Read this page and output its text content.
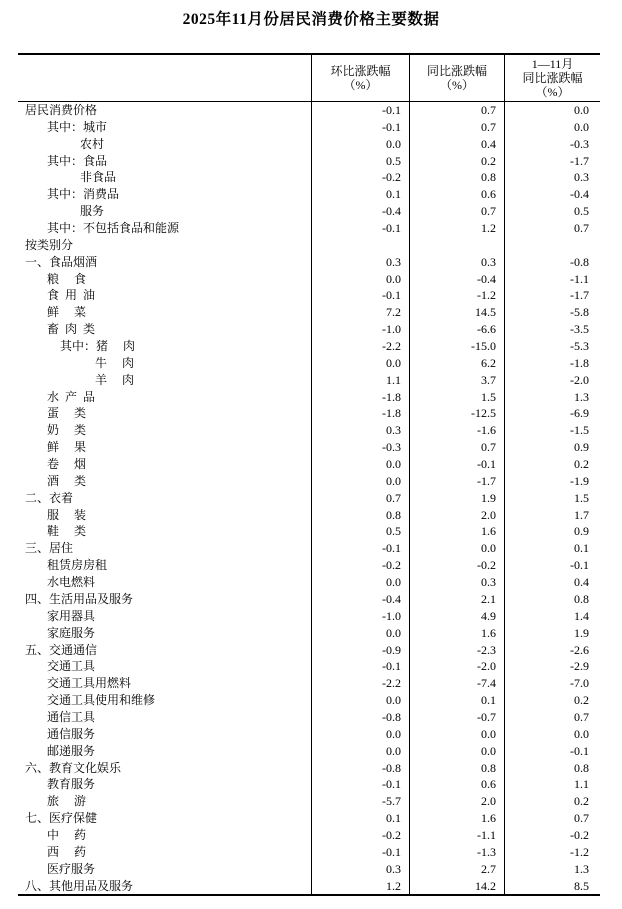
2025年11月份居民消费价格主要数据
环比涨跌幅
（%）
同比涨跌幅
（%）
1—11月
同比涨跌幅
（%）
居民消费价格	-0.1	0.7	0.0
其中：城市	-0.1	0.7	0.0
农村	0.0	0.4	-0.3
其中：食品	0.5	0.2	-1.7
非食品	-0.2	0.8	0.3
其中：消费品	0.1	0.6	-0.4
服务	-0.4	0.7	0.5
其中：不包括食品和能源	-0.1	1.2	0.7
按类别分
一、食品烟酒	0.3	0.3	-0.8
粮　 食	0.0	-0.4	-1.1
食  用  油	-0.1	-1.2	-1.7
鲜　 菜	7.2	14.5	-5.8
畜  肉  类	-1.0	-6.6	-3.5
其中：猪　 肉	-2.2	-15.0	-5.3
牛　 肉	0.0	6.2	-1.8
羊　 肉	1.1	3.7	-2.0
水  产  品	-1.8	1.5	1.3
蛋　 类	-1.8	-12.5	-6.9
奶　 类	0.3	-1.6	-1.5
鲜　 果	-0.3	0.7	0.9
卷　 烟	0.0	-0.1	0.2
酒　 类	0.0	-1.7	-1.9
二、衣着	0.7	1.9	1.5
服　 装	0.8	2.0	1.7
鞋　 类	0.5	1.6	0.9
三、居住	-0.1	0.0	0.1
租赁房房租	-0.2	-0.2	-0.1
水电燃料	0.0	0.3	0.4
四、生活用品及服务	-0.4	2.1	0.8
家用器具	-1.0	4.9	1.4
家庭服务	0.0	1.6	1.9
五、交通通信	-0.9	-2.3	-2.6
交通工具	-0.1	-2.0	-2.9
交通工具用燃料	-2.2	-7.4	-7.0
交通工具使用和维修	0.0	0.1	0.2
通信工具	-0.8	-0.7	0.7
通信服务	0.0	0.0	0.0
邮递服务	0.0	0.0	-0.1
六、教育文化娱乐	-0.8	0.8	0.8
教育服务	-0.1	0.6	1.1
旅　 游	-5.7	2.0	0.2
七、医疗保健	0.1	1.6	0.7
中　 药	-0.2	-1.1	-0.2
西　 药	-0.1	-1.3	-1.2
医疗服务	0.3	2.7	1.3
八、其他用品及服务	1.2	14.2	8.5
